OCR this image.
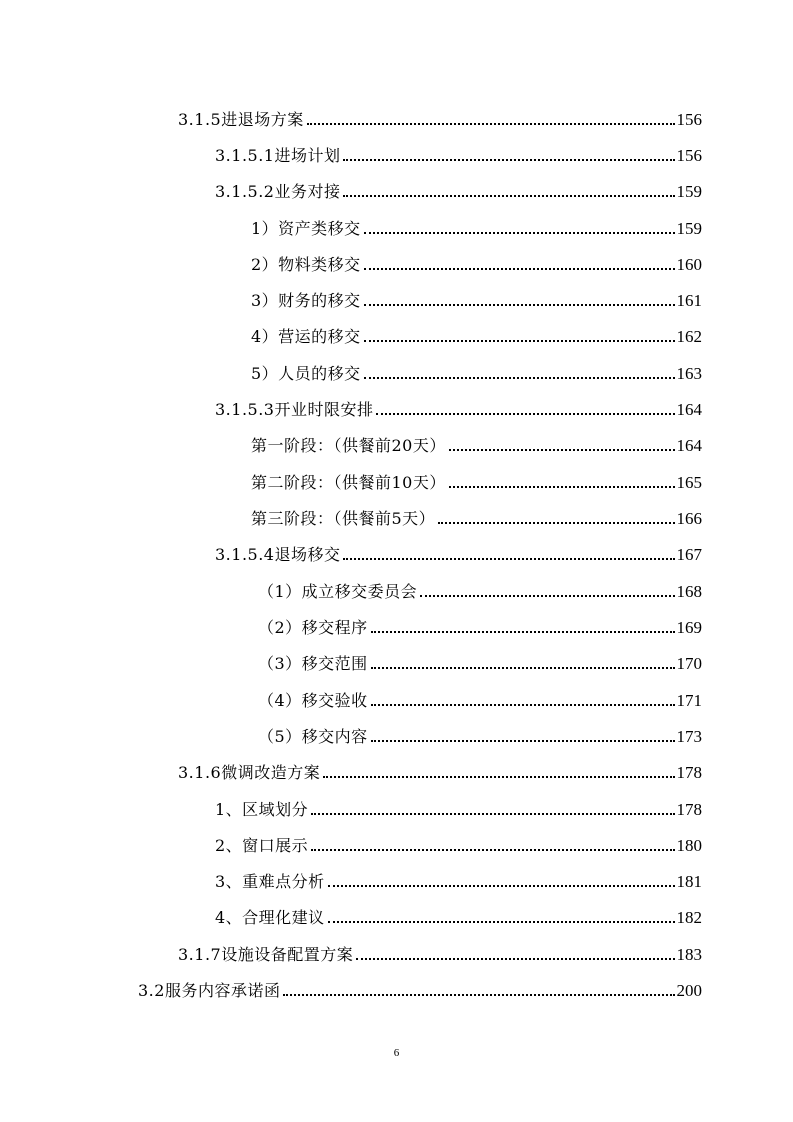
3.1.5进退场方案	156
3.1.5.1进场计划	156
3.1.5.2业务对接	159
1）资产类移交	159
2）物料类移交	160
3）财务的移交	161
4）营运的移交	162
5）人员的移交	163
3.1.5.3开业时限安排	164
第一阶段：（供餐前20天）	164
第二阶段：（供餐前10天）	165
第三阶段：（供餐前5天）	166
3.1.5.4退场移交	167
（1）成立移交委员会	168
（2）移交程序	169
（3）移交范围	170
（4）移交验收	171
（5）移交内容	173
3.1.6微调改造方案	178
1、区域划分	178
2、窗口展示	180
3、重难点分析	181
4、合理化建议	182
3.1.7设施设备配置方案	183
3.2服务内容承诺函	200
6
